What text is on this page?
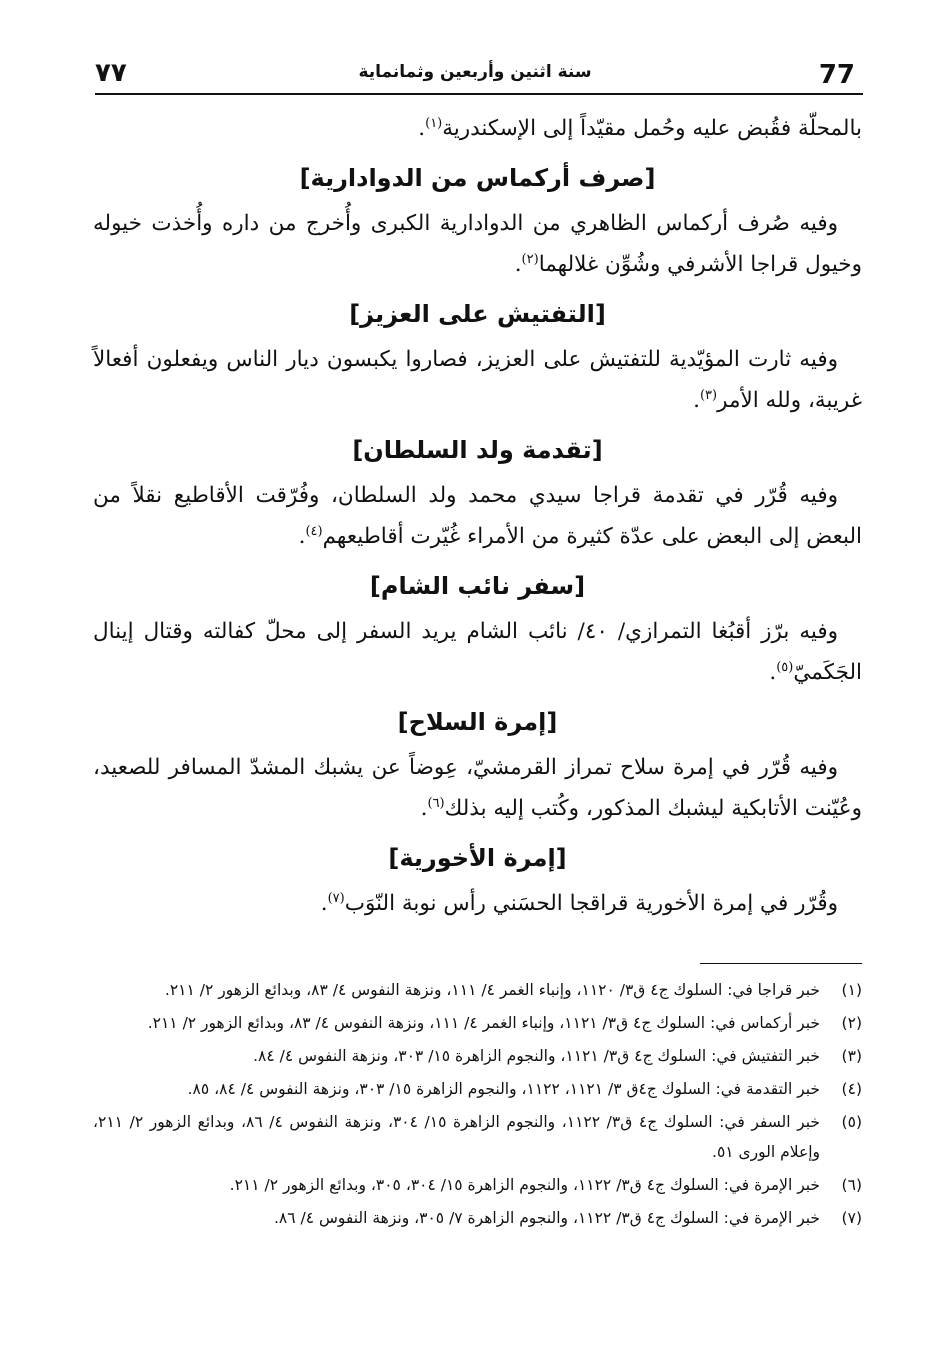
77
سنة اثنين وأربعين وثمانماية
٧٧

بالمحلّة فقُبض عليه وحُمل مقيّداً إلى الإسكندرية$^{(١)}$.

[صرف أركماس من الدوادارية]

وفيه صُرف أركماس الظاهري من الدوادارية الكبرى وأُخرج من داره وأُخذت خيوله وخيول قراجا الأشرفي وشُوِّن غلالهما$^{(٢)}$.

[التفتيش على العزيز]

وفيه ثارت المؤيّدية للتفتيش على العزيز، فصاروا يكبسون ديار الناس ويفعلون أفعالاً غريبة، ولله الأمر$^{(٣)}$.

[تقدمة ولد السلطان]

وفيه قُرّر في تقدمة قراجا سيدي محمد ولد السلطان، وفُرّقت الأقاطيع نقلاً من البعض إلى البعض على عدّة كثيرة من الأمراء غُيّرت أقاطيعهم$^{(٤)}$.

[سفر نائب الشام]

وفيه برّز أقبُغا التمرازي/ ٤٠/ نائب الشام يريد السفر إلى محلّ كفالته وقتال إينال الجَكَميّ$^{(٥)}$.

[إمرة السلاح]

وفيه قُرّر في إمرة سلاح تمراز القرمشيّ، عِوضاً عن يشبك المشدّ المسافر للصعيد، وعُيّنت الأتابكية ليشبك المذكور، وكُتب إليه بذلك$^{(٦)}$.

[إمرة الأخورية]

وقُرّر في إمرة الأخورية قراقجا الحسَني رأس نوبة النّوَب$^{(٧)}$.

(١)
خبر قراجا في: السلوك ج٤ ق٣/ ١١٢٠، وإنباء الغمر ٤/ ١١١، ونزهة النفوس ٤/ ٨٣، وبدائع الزهور ٢/ ٢١١.
(٢)
خبر أركماس في: السلوك ج٤ ق٣/ ١١٢١، وإنباء الغمر ٤/ ١١١، ونزهة النفوس ٤/ ٨٣، وبدائع الزهور ٢/ ٢١١.
(٣)
خبر التفتيش في: السلوك ج٤ ق٣/ ١١٢١، والنجوم الزاهرة ١٥/ ٣٠٣، ونزهة النفوس ٤/ ٨٤.
(٤)
خبر التقدمة في: السلوك ج٤ق ٣/ ١١٢١، ١١٢٢، والنجوم الزاهرة ١٥/ ٣٠٣، ونزهة النفوس ٤/ ٨٤، ٨٥.
(٥)
خبر السفر في: السلوك ج٤ ق٣/ ١١٢٢، والنجوم الزاهرة ١٥/ ٣٠٤، ونزهة النفوس ٤/ ٨٦، وبدائع الزهور ٢/ ٢١١، وإعلام الورى ٥١.
(٦)
خبر الإمرة في: السلوك ج٤ ق٣/ ١١٢٢، والنجوم الزاهرة ١٥/ ٣٠٤، ٣٠٥، وبدائع الزهور ٢/ ٢١١.
(٧)
خبر الإمرة في: السلوك ج٤ ق٣/ ١١٢٢، والنجوم الزاهرة ٧/ ٣٠٥، ونزهة النفوس ٤/ ٨٦.
